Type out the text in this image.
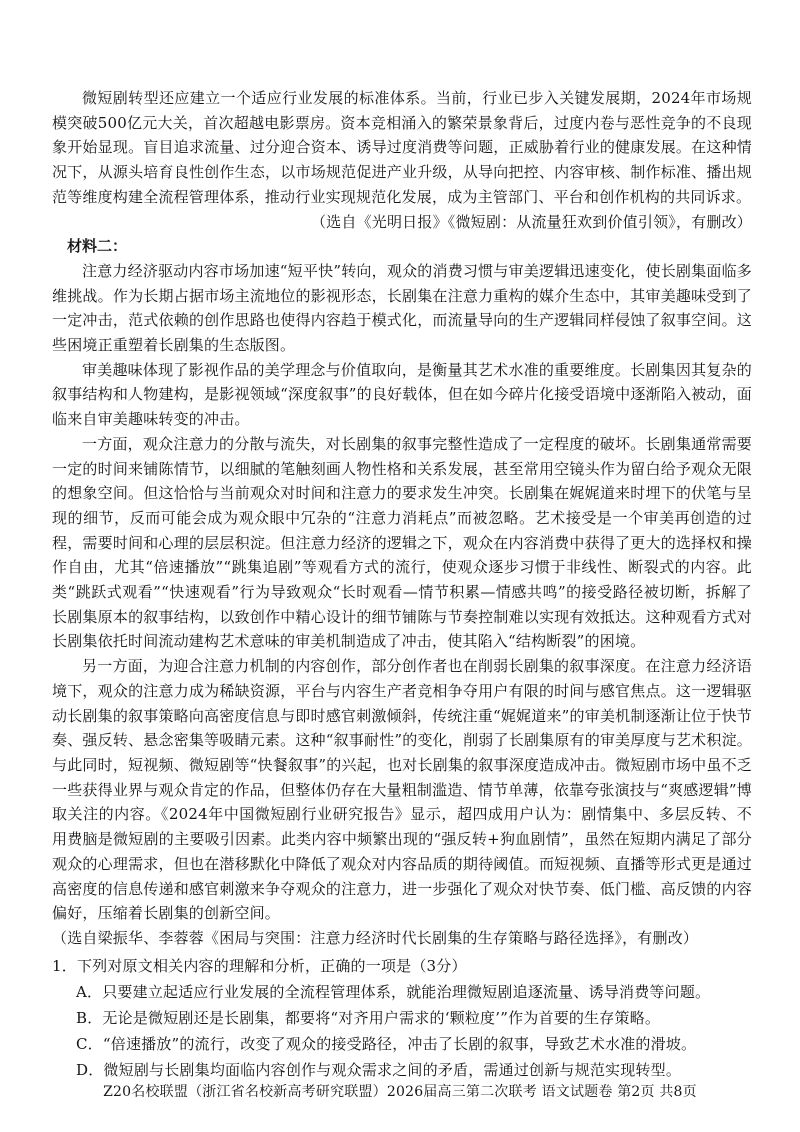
微短剧转型还应建立一个适应行业发展的标准体系。当前，行业已步入关键发展期，2024年市场规模突破500亿元大关，首次超越电影票房。资本竞相涌入的繁荣景象背后，过度内卷与恶性竞争的不良现象开始显现。盲目追求流量、过分迎合资本、诱导过度消费等问题，正威胁着行业的健康发展。在这种情况下，从源头培育良性创作生态，以市场规范促进产业升级，从导向把控、内容审核、制作标准、播出规范等维度构建全流程管理体系，推动行业实现规范化发展，成为主管部门、平台和创作机构的共同诉求。

（选自《光明日报》《微短剧：从流量狂欢到价值引领》，有删改）

材料二：

注意力经济驱动内容市场加速“短平快”转向，观众的消费习惯与审美逻辑迅速变化，使长剧集面临多维挑战。作为长期占据市场主流地位的影视形态，长剧集在注意力重构的媒介生态中，其审美趣味受到了一定冲击，范式依赖的创作思路也使得内容趋于模式化，而流量导向的生产逻辑同样侵蚀了叙事空间。这些困境正重塑着长剧集的生态版图。

审美趣味体现了影视作品的美学理念与价值取向，是衡量其艺术水准的重要维度。长剧集因其复杂的叙事结构和人物建构，是影视领域“深度叙事”的良好载体，但在如今碎片化接受语境中逐渐陷入被动，面临来自审美趣味转变的冲击。

一方面，观众注意力的分散与流失，对长剧集的叙事完整性造成了一定程度的破坏。长剧集通常需要一定的时间来铺陈情节，以细腻的笔触刻画人物性格和关系发展，甚至常用空镜头作为留白给予观众无限的想象空间。但这恰恰与当前观众对时间和注意力的要求发生冲突。长剧集在娓娓道来时埋下的伏笔与呈现的细节，反而可能会成为观众眼中冗杂的“注意力消耗点”而被忽略。艺术接受是一个审美再创造的过程，需要时间和心理的层层积淀。但注意力经济的逻辑之下，观众在内容消费中获得了更大的选择权和操作自由，尤其“倍速播放”“跳集追剧”等观看方式的流行，使观众逐步习惯于非线性、断裂式的内容。此类“跳跃式观看”“快速观看”行为导致观众“长时观看—情节积累—情感共鸣”的接受路径被切断，拆解了长剧集原本的叙事结构，以致创作中精心设计的细节铺陈与节奏控制难以实现有效抵达。这种观看方式对长剧集依托时间流动建构艺术意味的审美机制造成了冲击，使其陷入“结构断裂”的困境。

另一方面，为迎合注意力机制的内容创作，部分创作者也在削弱长剧集的叙事深度。在注意力经济语境下，观众的注意力成为稀缺资源，平台与内容生产者竞相争夺用户有限的时间与感官焦点。这一逻辑驱动长剧集的叙事策略向高密度信息与即时感官刺激倾斜，传统注重“娓娓道来”的审美机制逐渐让位于快节奏、强反转、悬念密集等吸睛元素。这种“叙事耐性”的变化，削弱了长剧集原有的审美厚度与艺术积淀。与此同时，短视频、微短剧等“快餐叙事”的兴起，也对长剧集的叙事深度造成冲击。微短剧市场中虽不乏一些获得业界与观众肯定的作品，但整体仍存在大量粗制滥造、情节单薄，依靠夸张演技与“爽感逻辑”博取关注的内容。《2024年中国微短剧行业研究报告》显示，超四成用户认为：剧情集中、多层反转、不用费脑是微短剧的主要吸引因素。此类内容中频繁出现的“强反转+狗血剧情”，虽然在短期内满足了部分观众的心理需求，但也在潜移默化中降低了观众对内容品质的期待阈值。而短视频、直播等形式更是通过高密度的信息传递和感官刺激来争夺观众的注意力，进一步强化了观众对快节奏、低门槛、高反馈的内容偏好，压缩着长剧集的创新空间。

（选自梁振华、李蓉蓉《困局与突围：注意力经济时代长剧集的生存策略与路径选择》，有删改）

1．下列对原文相关内容的理解和分析，正确的一项是（3分）

A．只要建立起适应行业发展的全流程管理体系，就能治理微短剧追逐流量、诱导消费等问题。

B．无论是微短剧还是长剧集，都要将“对齐用户需求的‘颗粒度’”作为首要的生存策略。

C．“倍速播放”的流行，改变了观众的接受路径，冲击了长剧的叙事，导致艺术水准的滑坡。

D．微短剧与长剧集均面临内容创作与观众需求之间的矛盾，需通过创新与规范实现转型。

Z20名校联盟（浙江省名校新高考研究联盟）2026届高三第二次联考 语文试题卷 第2页 共8页
